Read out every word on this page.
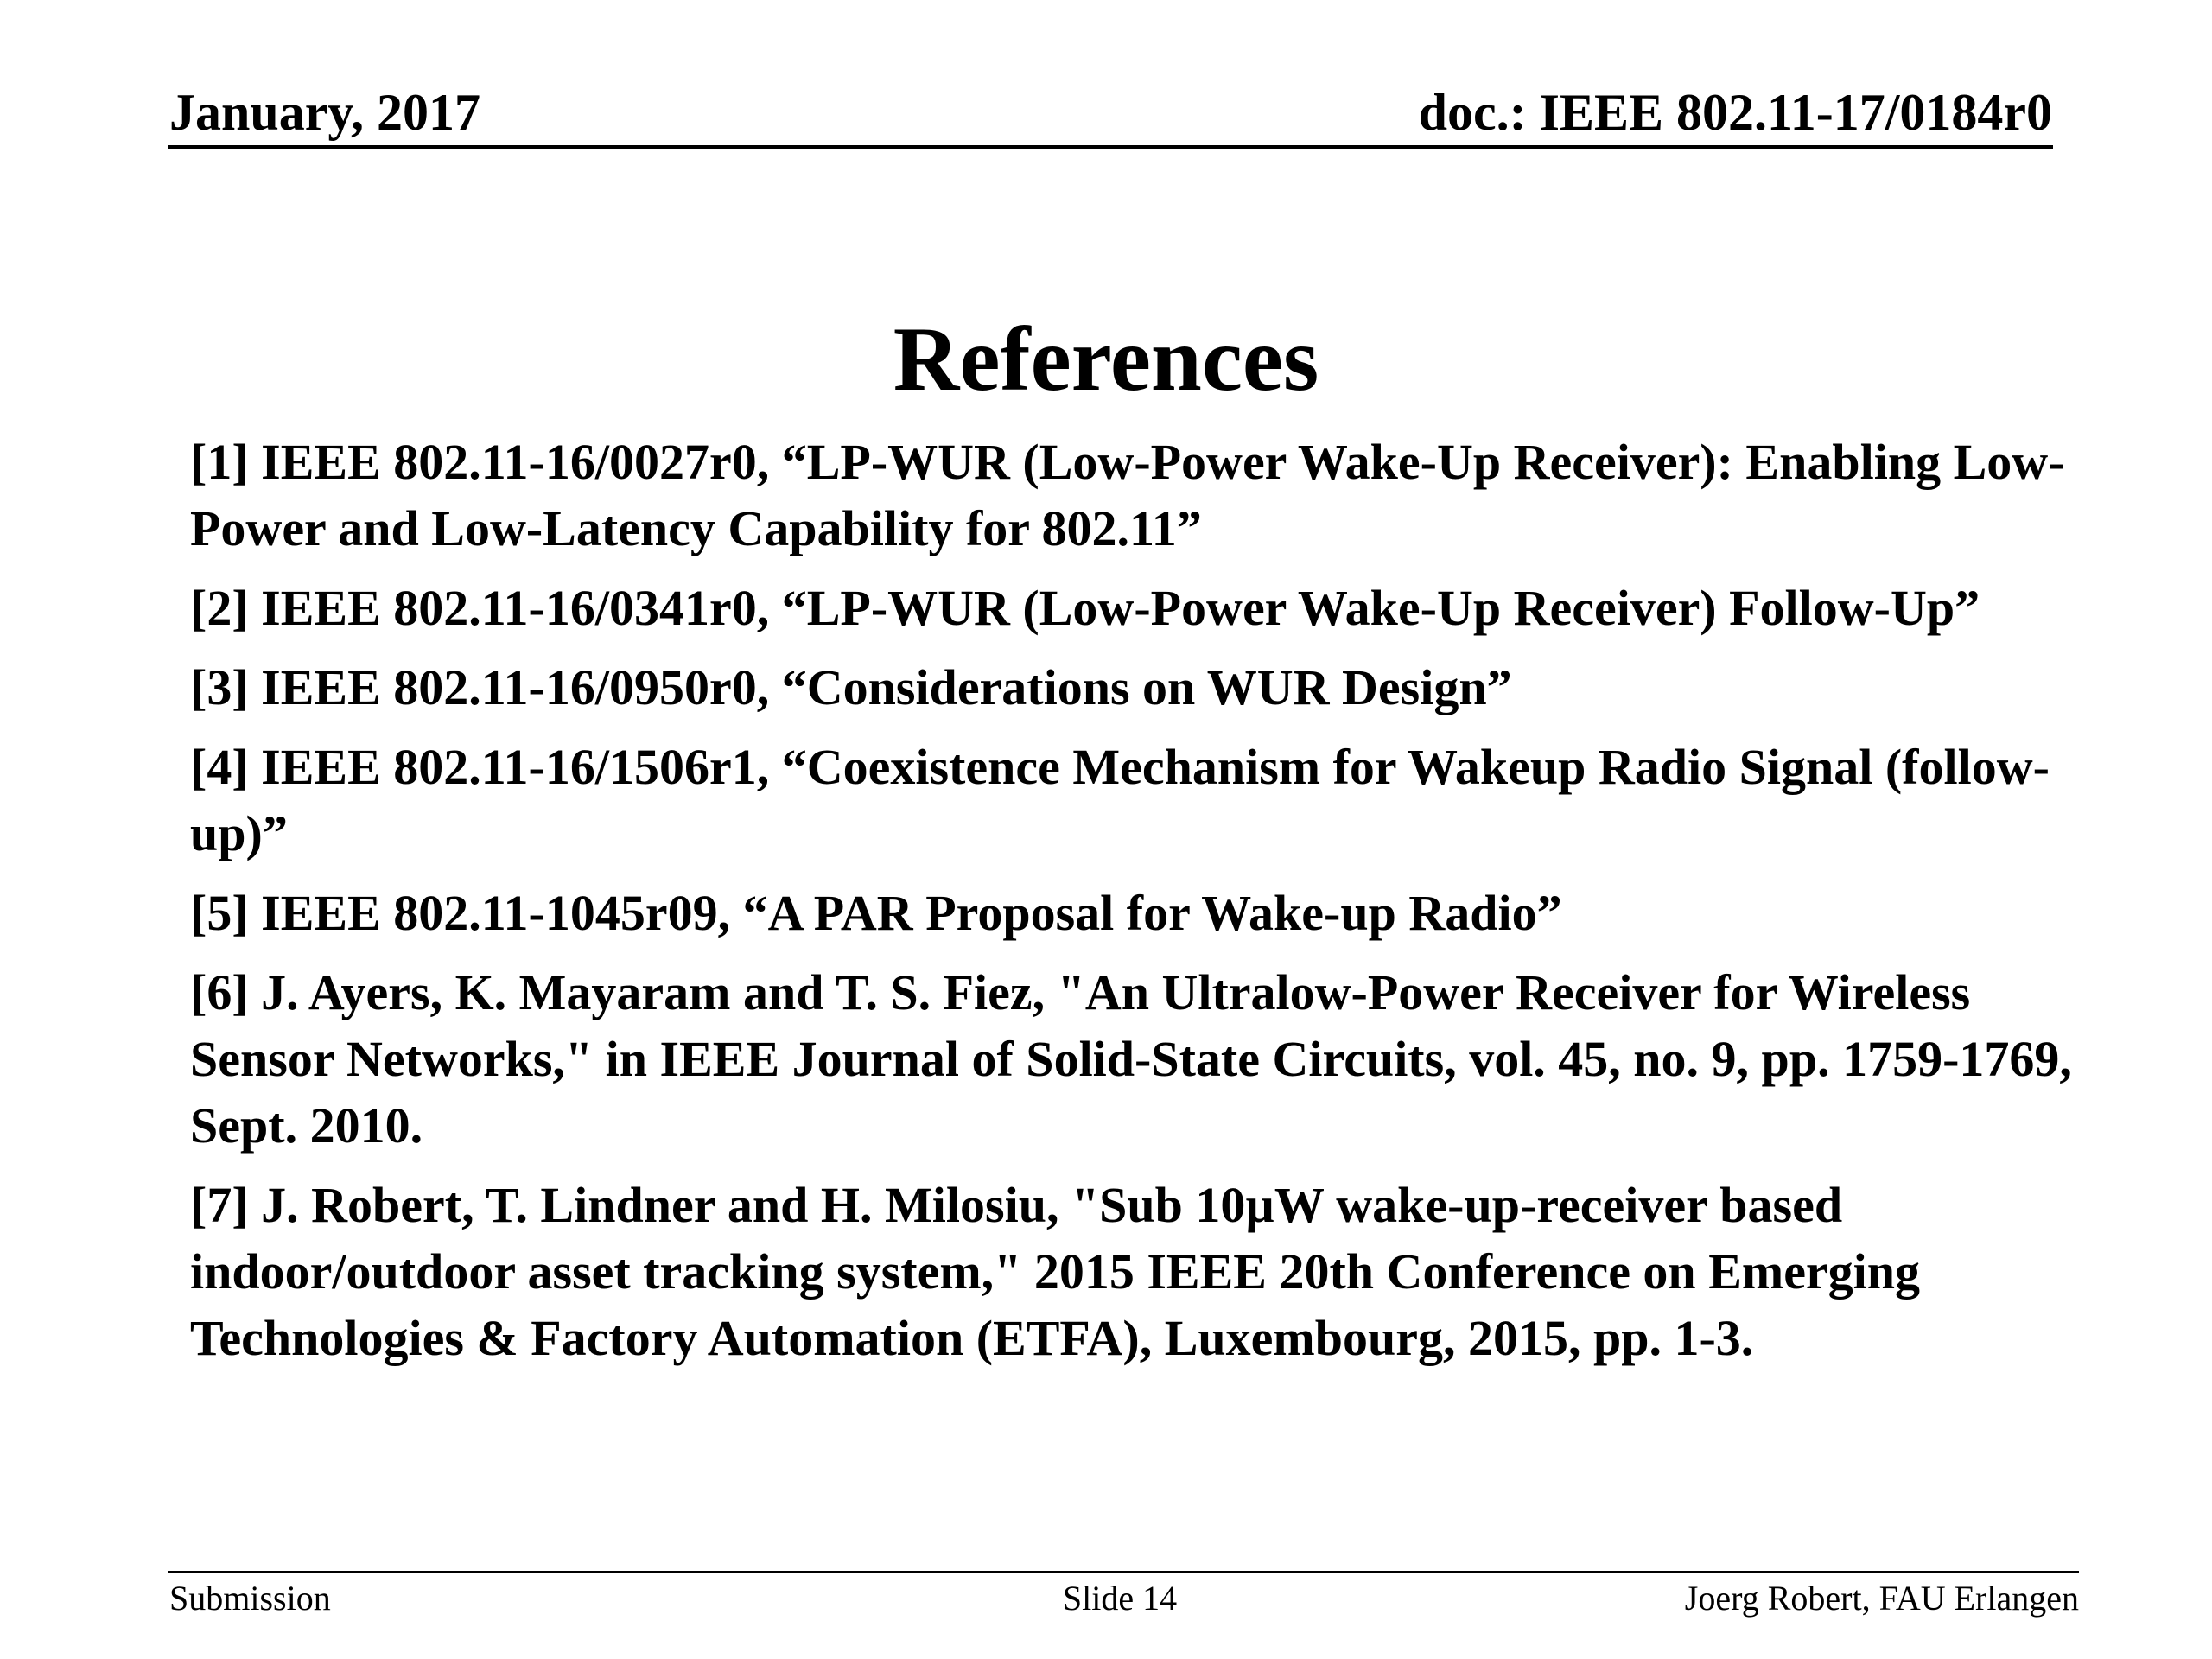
January, 2017	doc.: IEEE 802.11-17/0184r0
References
[1] IEEE 802.11-16/0027r0, “LP-WUR (Low-Power Wake-Up Receiver): Enabling Low-Power and Low-Latency Capability for 802.11”
[2] IEEE 802.11-16/0341r0, “LP-WUR (Low-Power Wake-Up Receiver) Follow-Up”
[3] IEEE 802.11-16/0950r0, “Considerations on WUR Design”
[4] IEEE 802.11-16/1506r1, “Coexistence Mechanism for Wakeup Radio Signal (follow-up)”
[5] IEEE 802.11-1045r09, “A PAR Proposal for Wake-up Radio”
[6] J. Ayers, K. Mayaram and T. S. Fiez, "An Ultralow-Power Receiver for Wireless Sensor Networks," in IEEE Journal of Solid-State Circuits, vol. 45, no. 9, pp. 1759-1769, Sept. 2010.
[7] J. Robert, T. Lindner and H. Milosiu, "Sub 10µW wake-up-receiver based indoor/outdoor asset tracking system," 2015 IEEE 20th Conference on Emerging Technologies & Factory Automation (ETFA), Luxembourg, 2015, pp. 1-3.
Submission	Slide 14	Joerg Robert, FAU Erlangen
